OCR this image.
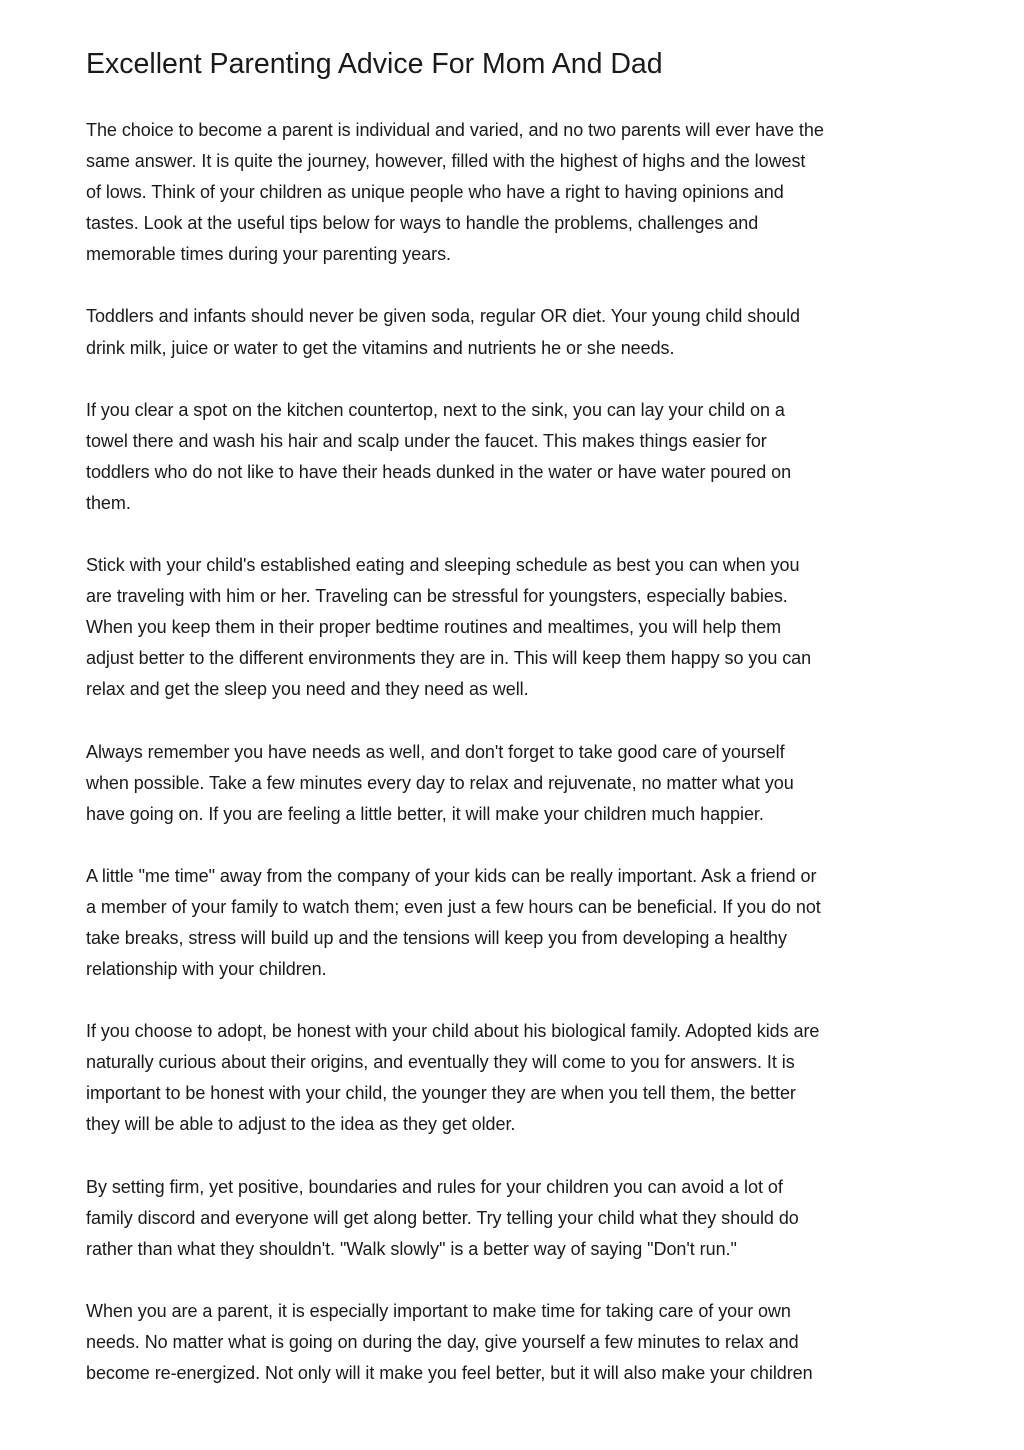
Excellent Parenting Advice For Mom And Dad
The choice to become a parent is individual and varied, and no two parents will ever have the
same answer. It is quite the journey, however, filled with the highest of highs and the lowest
of lows. Think of your children as unique people who have a right to having opinions and
tastes. Look at the useful tips below for ways to handle the problems, challenges and
memorable times during your parenting years.
Toddlers and infants should never be given soda, regular OR diet. Your young child should
drink milk, juice or water to get the vitamins and nutrients he or she needs.
If you clear a spot on the kitchen countertop, next to the sink, you can lay your child on a
towel there and wash his hair and scalp under the faucet. This makes things easier for
toddlers who do not like to have their heads dunked in the water or have water poured on
them.
Stick with your child's established eating and sleeping schedule as best you can when you
are traveling with him or her. Traveling can be stressful for youngsters, especially babies.
When you keep them in their proper bedtime routines and mealtimes, you will help them
adjust better to the different environments they are in. This will keep them happy so you can
relax and get the sleep you need and they need as well.
Always remember you have needs as well, and don't forget to take good care of yourself
when possible. Take a few minutes every day to relax and rejuvenate, no matter what you
have going on. If you are feeling a little better, it will make your children much happier.
A little "me time" away from the company of your kids can be really important. Ask a friend or
a member of your family to watch them; even just a few hours can be beneficial. If you do not
take breaks, stress will build up and the tensions will keep you from developing a healthy
relationship with your children.
If you choose to adopt, be honest with your child about his biological family. Adopted kids are
naturally curious about their origins, and eventually they will come to you for answers. It is
important to be honest with your child, the younger they are when you tell them, the better
they will be able to adjust to the idea as they get older.
By setting firm, yet positive, boundaries and rules for your children you can avoid a lot of
family discord and everyone will get along better. Try telling your child what they should do
rather than what they shouldn't. "Walk slowly" is a better way of saying "Don't run."
When you are a parent, it is especially important to make time for taking care of your own
needs. No matter what is going on during the day, give yourself a few minutes to relax and
become re-energized. Not only will it make you feel better, but it will also make your children
